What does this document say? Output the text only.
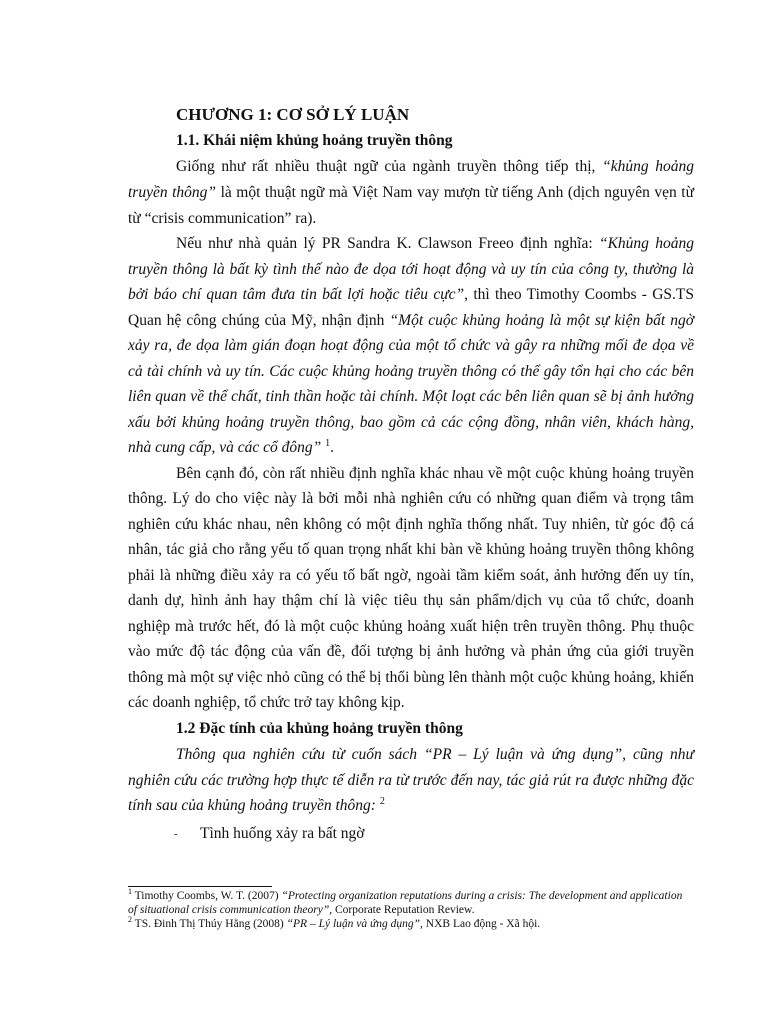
CHƯƠNG 1: CƠ SỞ LÝ LUẬN
1.1. Khái niệm khủng hoảng truyền thông

Giống như rất nhiều thuật ngữ của ngành truyền thông tiếp thị, “khủng hoảng truyền thông” là một thuật ngữ mà Việt Nam vay mượn từ tiếng Anh (dịch nguyên vẹn từ từ “crisis communication” ra).

Nếu như nhà quản lý PR Sandra K. Clawson Freeo định nghĩa: “Khủng hoảng truyền thông là bất kỳ tình thế nào đe dọa tới hoạt động và uy tín của công ty, thường là bởi báo chí quan tâm đưa tin bất lợi hoặc tiêu cực”, thì theo Timothy Coombs - GS.TS Quan hệ công chúng của Mỹ, nhận định “Một cuộc khủng hoảng là một sự kiện bất ngờ xảy ra, đe dọa làm gián đoạn hoạt động của một tổ chức và gây ra những mối đe dọa về cả tài chính và uy tín. Các cuộc khủng hoảng truyền thông có thể gây tổn hại cho các bên liên quan về thể chất, tinh thần hoặc tài chính. Một loạt các bên liên quan sẽ bị ảnh hưởng xấu bởi khủng hoảng truyền thông, bao gồm cả các cộng đồng, nhân viên, khách hàng, nhà cung cấp, và các cổ đông” $^1$.

Bên cạnh đó, còn rất nhiều định nghĩa khác nhau về một cuộc khủng hoảng truyền thông. Lý do cho việc này là bởi mỗi nhà nghiên cứu có những quan điểm và trọng tâm nghiên cứu khác nhau, nên không có một định nghĩa thống nhất. Tuy nhiên, từ góc độ cá nhân, tác giả cho rằng yếu tố quan trọng nhất khi bàn về khủng hoảng truyền thông không phải là những điều xảy ra có yếu tố bất ngờ, ngoài tầm kiểm soát, ảnh hưởng đến uy tín, danh dự, hình ảnh hay thậm chí là việc tiêu thụ sản phẩm/dịch vụ của tổ chức, doanh nghiệp mà trước hết, đó là một cuộc khủng hoảng xuất hiện trên truyền thông. Phụ thuộc vào mức độ tác động của vấn đề, đối tượng bị ảnh hưởng và phản ứng của giới truyền thông mà một sự việc nhỏ cũng có thể bị thổi bùng lên thành một cuộc khủng hoảng, khiến các doanh nghiệp, tổ chức trở tay không kịp.

1.2 Đặc tính của khủng hoảng truyền thông

Thông qua nghiên cứu từ cuốn sách “PR – Lý luận và ứng dụng”, cũng như nghiên cứu các trường hợp thực tế diễn ra từ trước đến nay, tác giả rút ra được những đặc tính sau của khủng hoảng truyền thông: $^2$

-	Tình huống xảy ra bất ngờ

$^1$ Timothy Coombs, W. T. (2007) “Protecting organization reputations during a crisis: The development and application of situational crisis communication theory”, Corporate Reputation Review.

$^2$ TS. Đinh Thị Thúy Hằng (2008) “PR – Lý luận và ứng dụng”, NXB Lao động - Xã hội.
